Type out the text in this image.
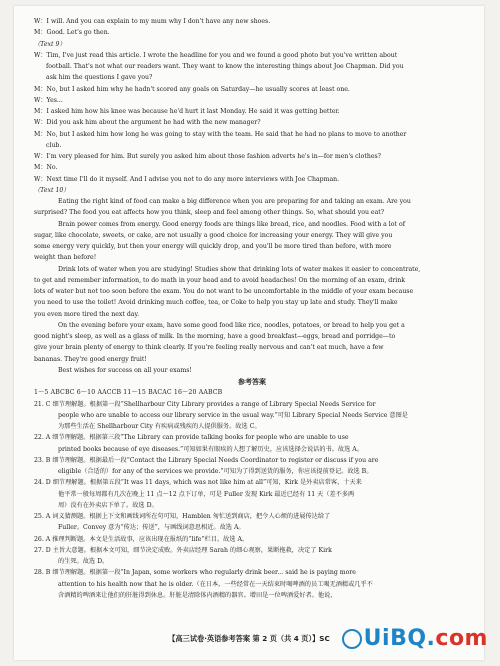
W：I will. And you can explain to my mum why I don't have any new shoes.
M：Good. Let's go then.
（Text 9）
W：Tim, I've just read this article. I wrote the headline for you and we found a good photo but you've written about
football. That's not what our readers want. They want to know the interesting things about Joe Chapman. Did you
ask him the questions I gave you?
M：No, but I asked him why he hadn't scored any goals on Saturday—he usually scores at least one.
W：Yes...
M：I asked him how his knee was because he'd hurt it last Monday. He said it was getting better.
W：Did you ask him about the argument he had with the new manager?
M：No, but I asked him how long he was going to stay with the team. He said that he had no plans to move to another
club.
W：I'm very pleased for him. But surely you asked him about those fashion adverts he's in—for men's clothes?
M：No.
W：Next time I'll do it myself. And I advise you not to do any more interviews with Joe Chapman.
（Text 10）
Eating the right kind of food can make a big difference when you are preparing for and taking an exam. Are you
surprised? The food you eat affects how you think, sleep and feel among other things. So, what should you eat?
Brain power comes from energy. Good energy foods are things like bread, rice, and noodles. Food with a lot of
sugar, like chocolate, sweets, or cake, are not usually a good choice for increasing your energy. They will give you
some energy very quickly, but then your energy will quickly drop, and you'll be more tired than before, with more
weight than before!
Drink lots of water when you are studying! Studies show that drinking lots of water makes it easier to concentrate,
to get and remember information, to do math in your head and to avoid headaches! On the morning of an exam, drink
lots of water but not too soon before the exam. You do not want to be uncomfortable in the middle of your exam because
you need to use the toilet! Avoid drinking much coffee, tea, or Coke to help you stay up late and study. They'll make
you even more tired the next day.
On the evening before your exam, have some good food like rice, noodles, potatoes, or bread to help you get a
good night's sleep, as well as a glass of milk. In the morning, have a good breakfast—eggs, bread and porridge—to
give your brain plenty of energy to think clearly. If you're feeling really nervous and can't eat much, have a few
bananas. They're good energy fruit!
Best wishes for success on all your exams!
参考答案
1～5 ABCBC 6～10 AACCB 11～15 BACAC 16～20 AABCB
21. C 细节理解题。根据第一段“Shellharbour City Library provides a range of Library Special Needs Service for
people who are unable to access our library service in the usual way.”可知 Library Special Needs Service 意图是
为那些生活在 Shellharbour City 有疾病或残疾的人提供服务。故选 C。
22. A 细节理解题。根据第三段“The Library can provide talking books for people who are unable to use
printed books because of eye diseases.”可知如果有眼疾的人想了解历史，应该选择会说话的书。故选 A。
23. B 细节理解题。根据最后一段“Contact the Library Special Needs Coordinator to register or discuss if you are
eligible（合适的）for any of the services we provide.”可知为了得到送货的服务，你应该提前登记。故选 B。
24. D 细节理解题。根据第五段“It was 11 days, which was not like him at all”可知，Kirk 是外卖店常客，十天来
他平常一般每周都有几次在晚上 11 点～12 点下订单，可是 Fuller 发现 Kirk 最近已经有 11 天（差不多两
周）没有在外卖店下单了。故选 D。
25. A 词义猜测题。根据上下文和画线词所在句可知，Hamblen 匆忙送到商店，把令人心烦的进展传达给了
Fuller。Convey 意为“传达；传送”，与画线词意思相近。故选 A。
26. A 推理判断题。本文是生活故事，应该出现在报纸的“life”栏目。故选 A。
27. D 主旨大意题。根据本文可知，细节决定成败。外卖店经理 Sarah 的细心观察，果断拖救，决定了 Kirk
的生死。故选 D。
28. B 细节理解题。根据第一段“In Japan, some workers who regularly drink beer... said he is paying more
attention to his health now that he is older.（在日本，一些经常在一天结束时喝啤酒的员工喝无酒精或几乎不
含酒精的啤酒来让他们的肝脏得到休息。肝脏是清除体内酒精的器官。增田是一位啤酒爱好者。他说，
【高三试卷·英语参考答案 第 2 页（共 4 页）】SC	UiBQ.com
